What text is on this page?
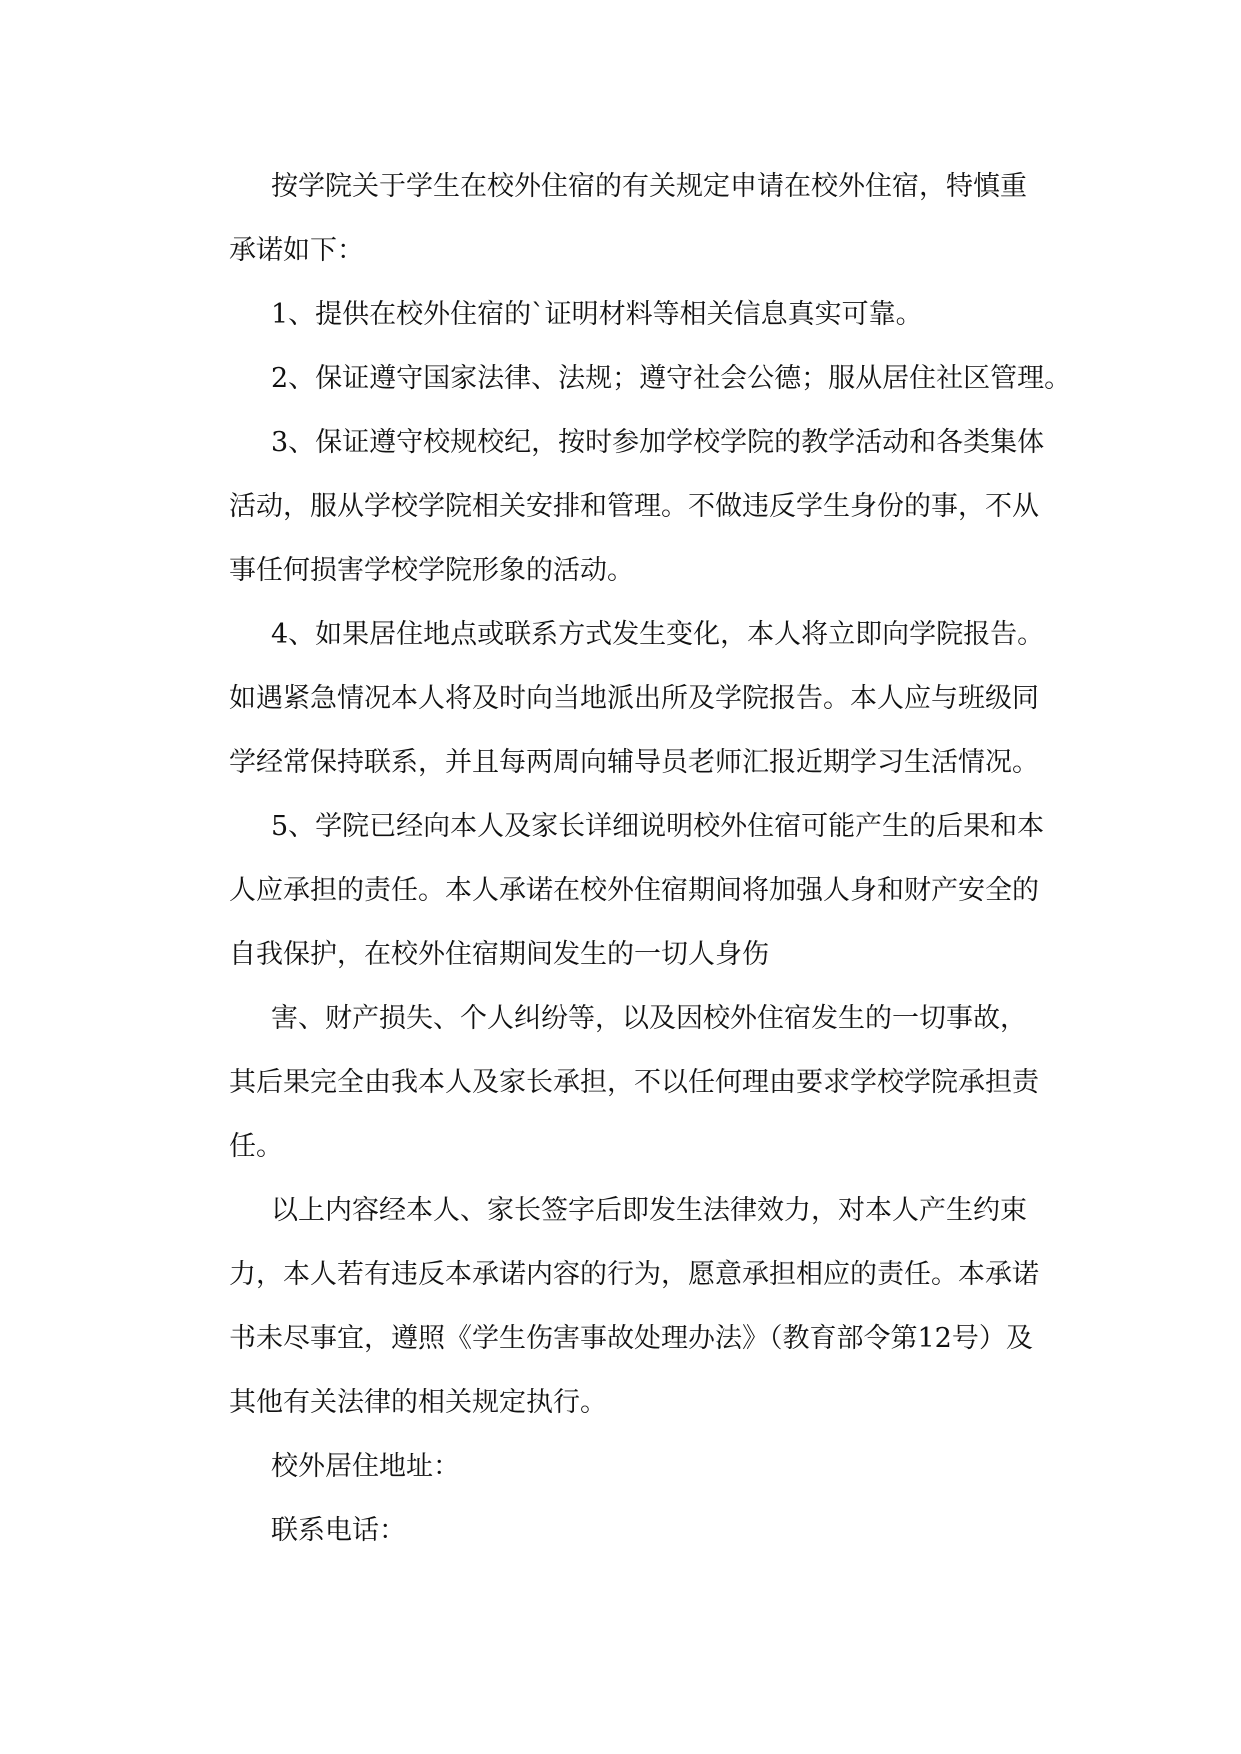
按学院关于学生在校外住宿的有关规定申请在校外住宿，特慎重
承诺如下：
1、提供在校外住宿的`证明材料等相关信息真实可靠。
2、保证遵守国家法律、法规；遵守社会公德；服从居住社区管理。
3、保证遵守校规校纪，按时参加学校学院的教学活动和各类集体
活动，服从学校学院相关安排和管理。不做违反学生身份的事，不从
事任何损害学校学院形象的活动。
4、如果居住地点或联系方式发生变化，本人将立即向学院报告。
如遇紧急情况本人将及时向当地派出所及学院报告。本人应与班级同
学经常保持联系，并且每两周向辅导员老师汇报近期学习生活情况。
5、学院已经向本人及家长详细说明校外住宿可能产生的后果和本
人应承担的责任。本人承诺在校外住宿期间将加强人身和财产安全的
自我保护，在校外住宿期间发生的一切人身伤
害、财产损失、个人纠纷等，以及因校外住宿发生的一切事故，
其后果完全由我本人及家长承担，不以任何理由要求学校学院承担责
任。
以上内容经本人、家长签字后即发生法律效力，对本人产生约束
力，本人若有违反本承诺内容的行为，愿意承担相应的责任。本承诺
书未尽事宜，遵照《学生伤害事故处理办法》（教育部令第12号）及
其他有关法律的相关规定执行。
校外居住地址：
联系电话：
